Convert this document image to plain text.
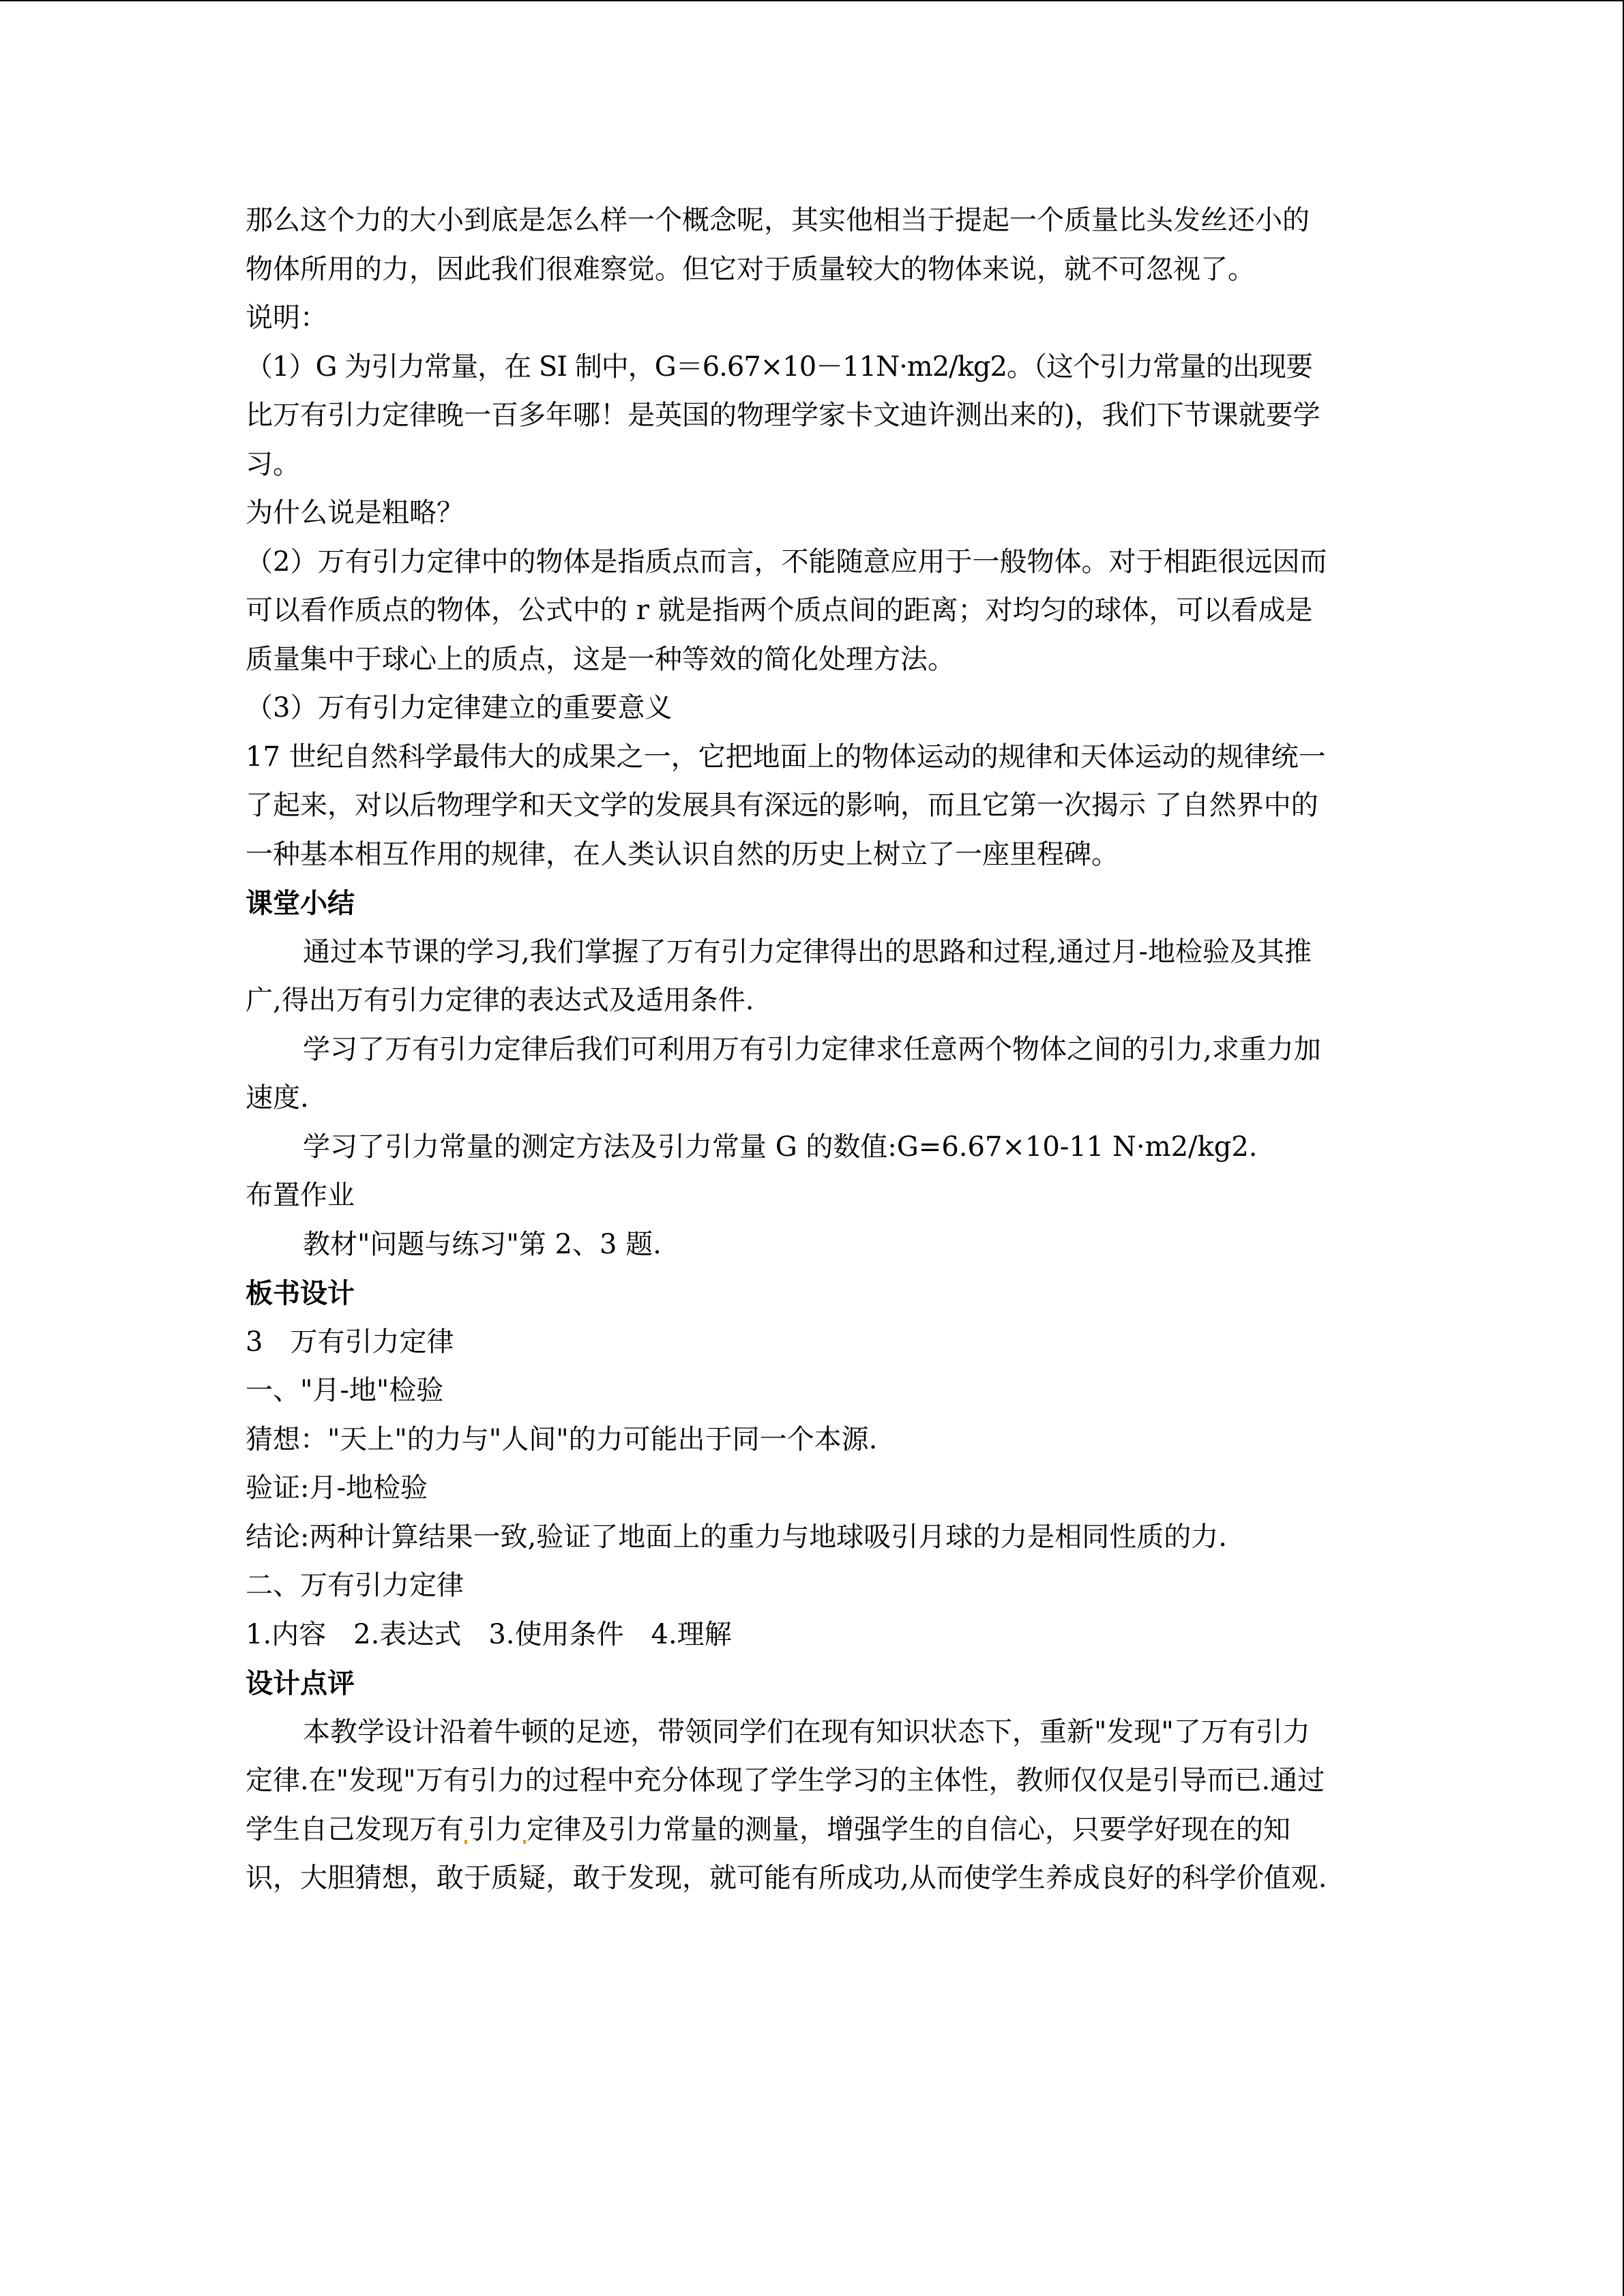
那么这个力的大小到底是怎么样一个概念呢，其实他相当于提起一个质量比头发丝还小的
物体所用的力，因此我们很难察觉。但它对于质量较大的物体来说，就不可忽视了。
说明：
（1）G 为引力常量，在 SI 制中，G＝6.67×10－11N·m2/kg2。（这个引力常量的出现要
比万有引力定律晚一百多年哪！是英国的物理学家卡文迪许测出来的)，我们下节课就要学
习。
为什么说是粗略？
（2）万有引力定律中的物体是指质点而言，不能随意应用于一般物体。对于相距很远因而
可以看作质点的物体，公式中的 r 就是指两个质点间的距离；对均匀的球体，可以看成是
质量集中于球心上的质点，这是一种等效的简化处理方法。
（3）万有引力定律建立的重要意义
17 世纪自然科学最伟大的成果之一，它把地面上的物体运动的规律和天体运动的规律统一
了起来，对以后物理学和天文学的发展具有深远的影响，而且它第一次揭示 了自然界中的
一种基本相互作用的规律，在人类认识自然的历史上树立了一座里程碑。
课堂小结
通过本节课的学习,我们掌握了万有引力定律得出的思路和过程,通过月-地检验及其推
广,得出万有引力定律的表达式及适用条件.
学习了万有引力定律后我们可利用万有引力定律求任意两个物体之间的引力,求重力加
速度.
学习了引力常量的测定方法及引力常量 G 的数值:G=6.67×10-11 N·m2/kg2.
布置作业
教材"问题与练习"第 2、3 题.
板书设计
3　万有引力定律
一、"月-地"检验
猜想："天上"的力与"人间"的力可能出于同一个本源.
验证:月-地检验
结论:两种计算结果一致,验证了地面上的重力与地球吸引月球的力是相同性质的力.
二、万有引力定律
1.内容　2.表达式　3.使用条件　4.理解
设计点评
本教学设计沿着牛顿的足迹，带领同学们在现有知识状态下，重新"发现"了万有引力
定律.在"发现"万有引力的过程中充分体现了学生学习的主体性，教师仅仅是引导而已.通过
学生自己发现万有 引力 定律及引力常量的测量，增强学生的自信心，只要学好现在的知
识，大胆猜想，敢于质疑，敢于发现，就可能有所成功,从而使学生养成良好的科学价值观.
